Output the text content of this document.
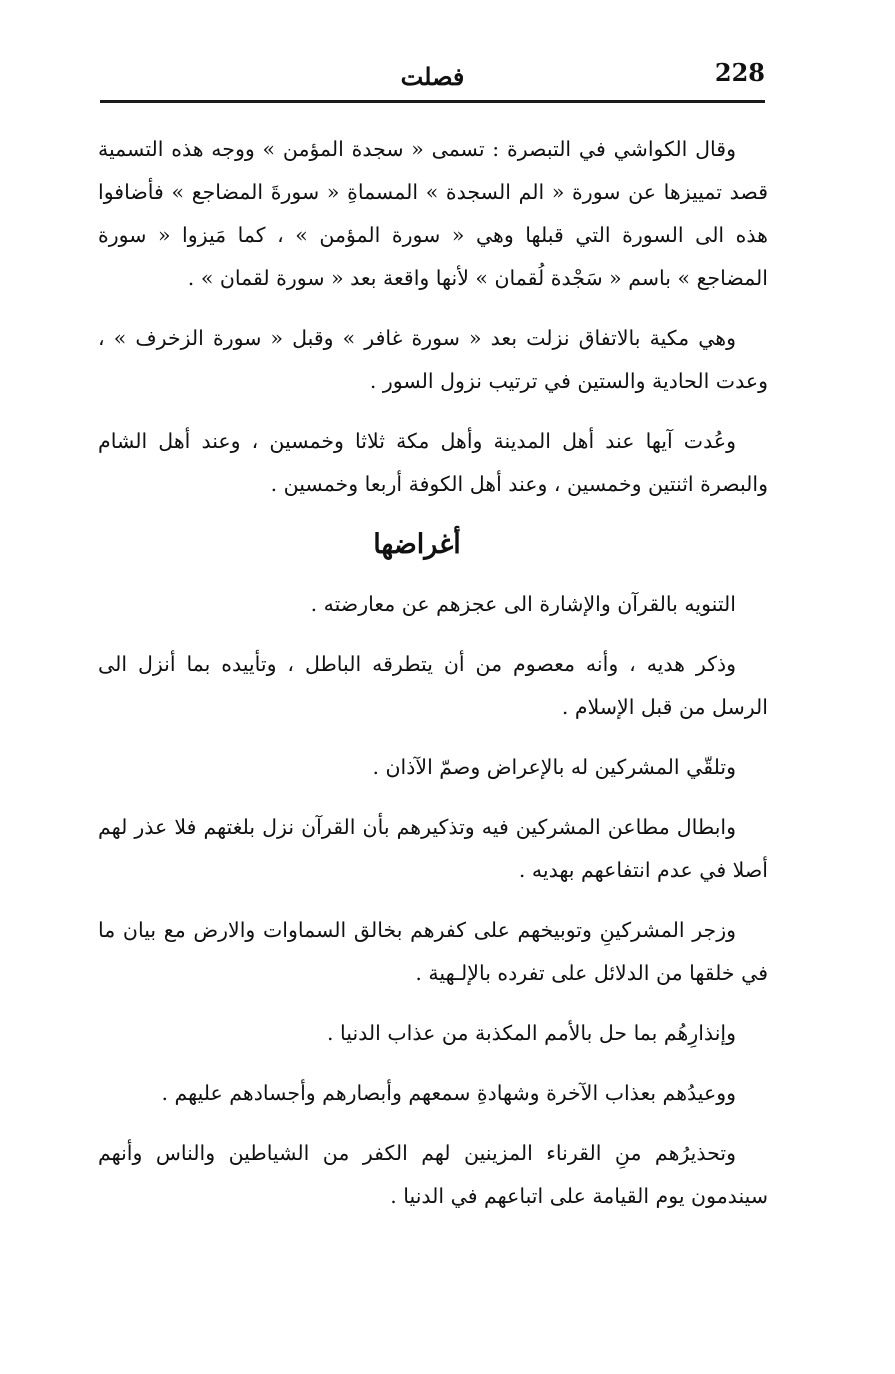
228
فصلت

وقال الكواشي في التبصرة : تسمى « سجدة المؤمن » ووجه هذه التسمية قصد تمييزها عن سورة « الم السجدة » المسماةِ « سورةَ المضاجع » فأضافوا هذه الى السورة التي قبلها وهي « سورة المؤمن » ، كما مَيزوا « سورة المضاجع » باسم « سَجْدة لُقمان » لأنها واقعة بعد « سورة لقمان » .

وهي مكية بالاتفاق نزلت بعد « سورة غافر » وقبل « سورة الزخرف » ، وعدت الحادية والستين في ترتيب نزول السور .

وعُدت آيها عند أهل المدينة وأهل مكة ثلاثا وخمسين ، وعند أهل الشام والبصرة اثنتين وخمسين ، وعند أهل الكوفة أربعا وخمسين .

أغراضها

التنويه بالقرآن والإشارة الى عجزهم عن معارضته .

وذكر هديه ، وأنه معصوم من أن يتطرقه الباطل ، وتأييده بما أنزل الى الرسل من قبل الإسلام .

وتلقّي المشركين له بالإعراض وصمّ الآذان .

وابطال مطاعن المشركين فيه وتذكيرهم بأن القرآن نزل بلغتهم فلا عذر لهم أصلا في عدم انتفاعهم بهديه .

وزجر المشركينِ وتوبيخهم على كفرهم بخالق السماوات والارض مع بيان ما في خلقها من الدلائل على تفرده بالإلـهية .

وإنذارِهُم بما حل بالأمم المكذبة من عذاب الدنيا .

ووعيدُهم بعذاب الآخرة وشهادةِ سمعهم وأبصارهم وأجسادهم عليهم .

وتحذيرُهم منِ القرناء المزينين لهم الكفر من الشياطين والناس وأنهم سيندمون يوم القيامة على اتباعهم في الدنيا .
